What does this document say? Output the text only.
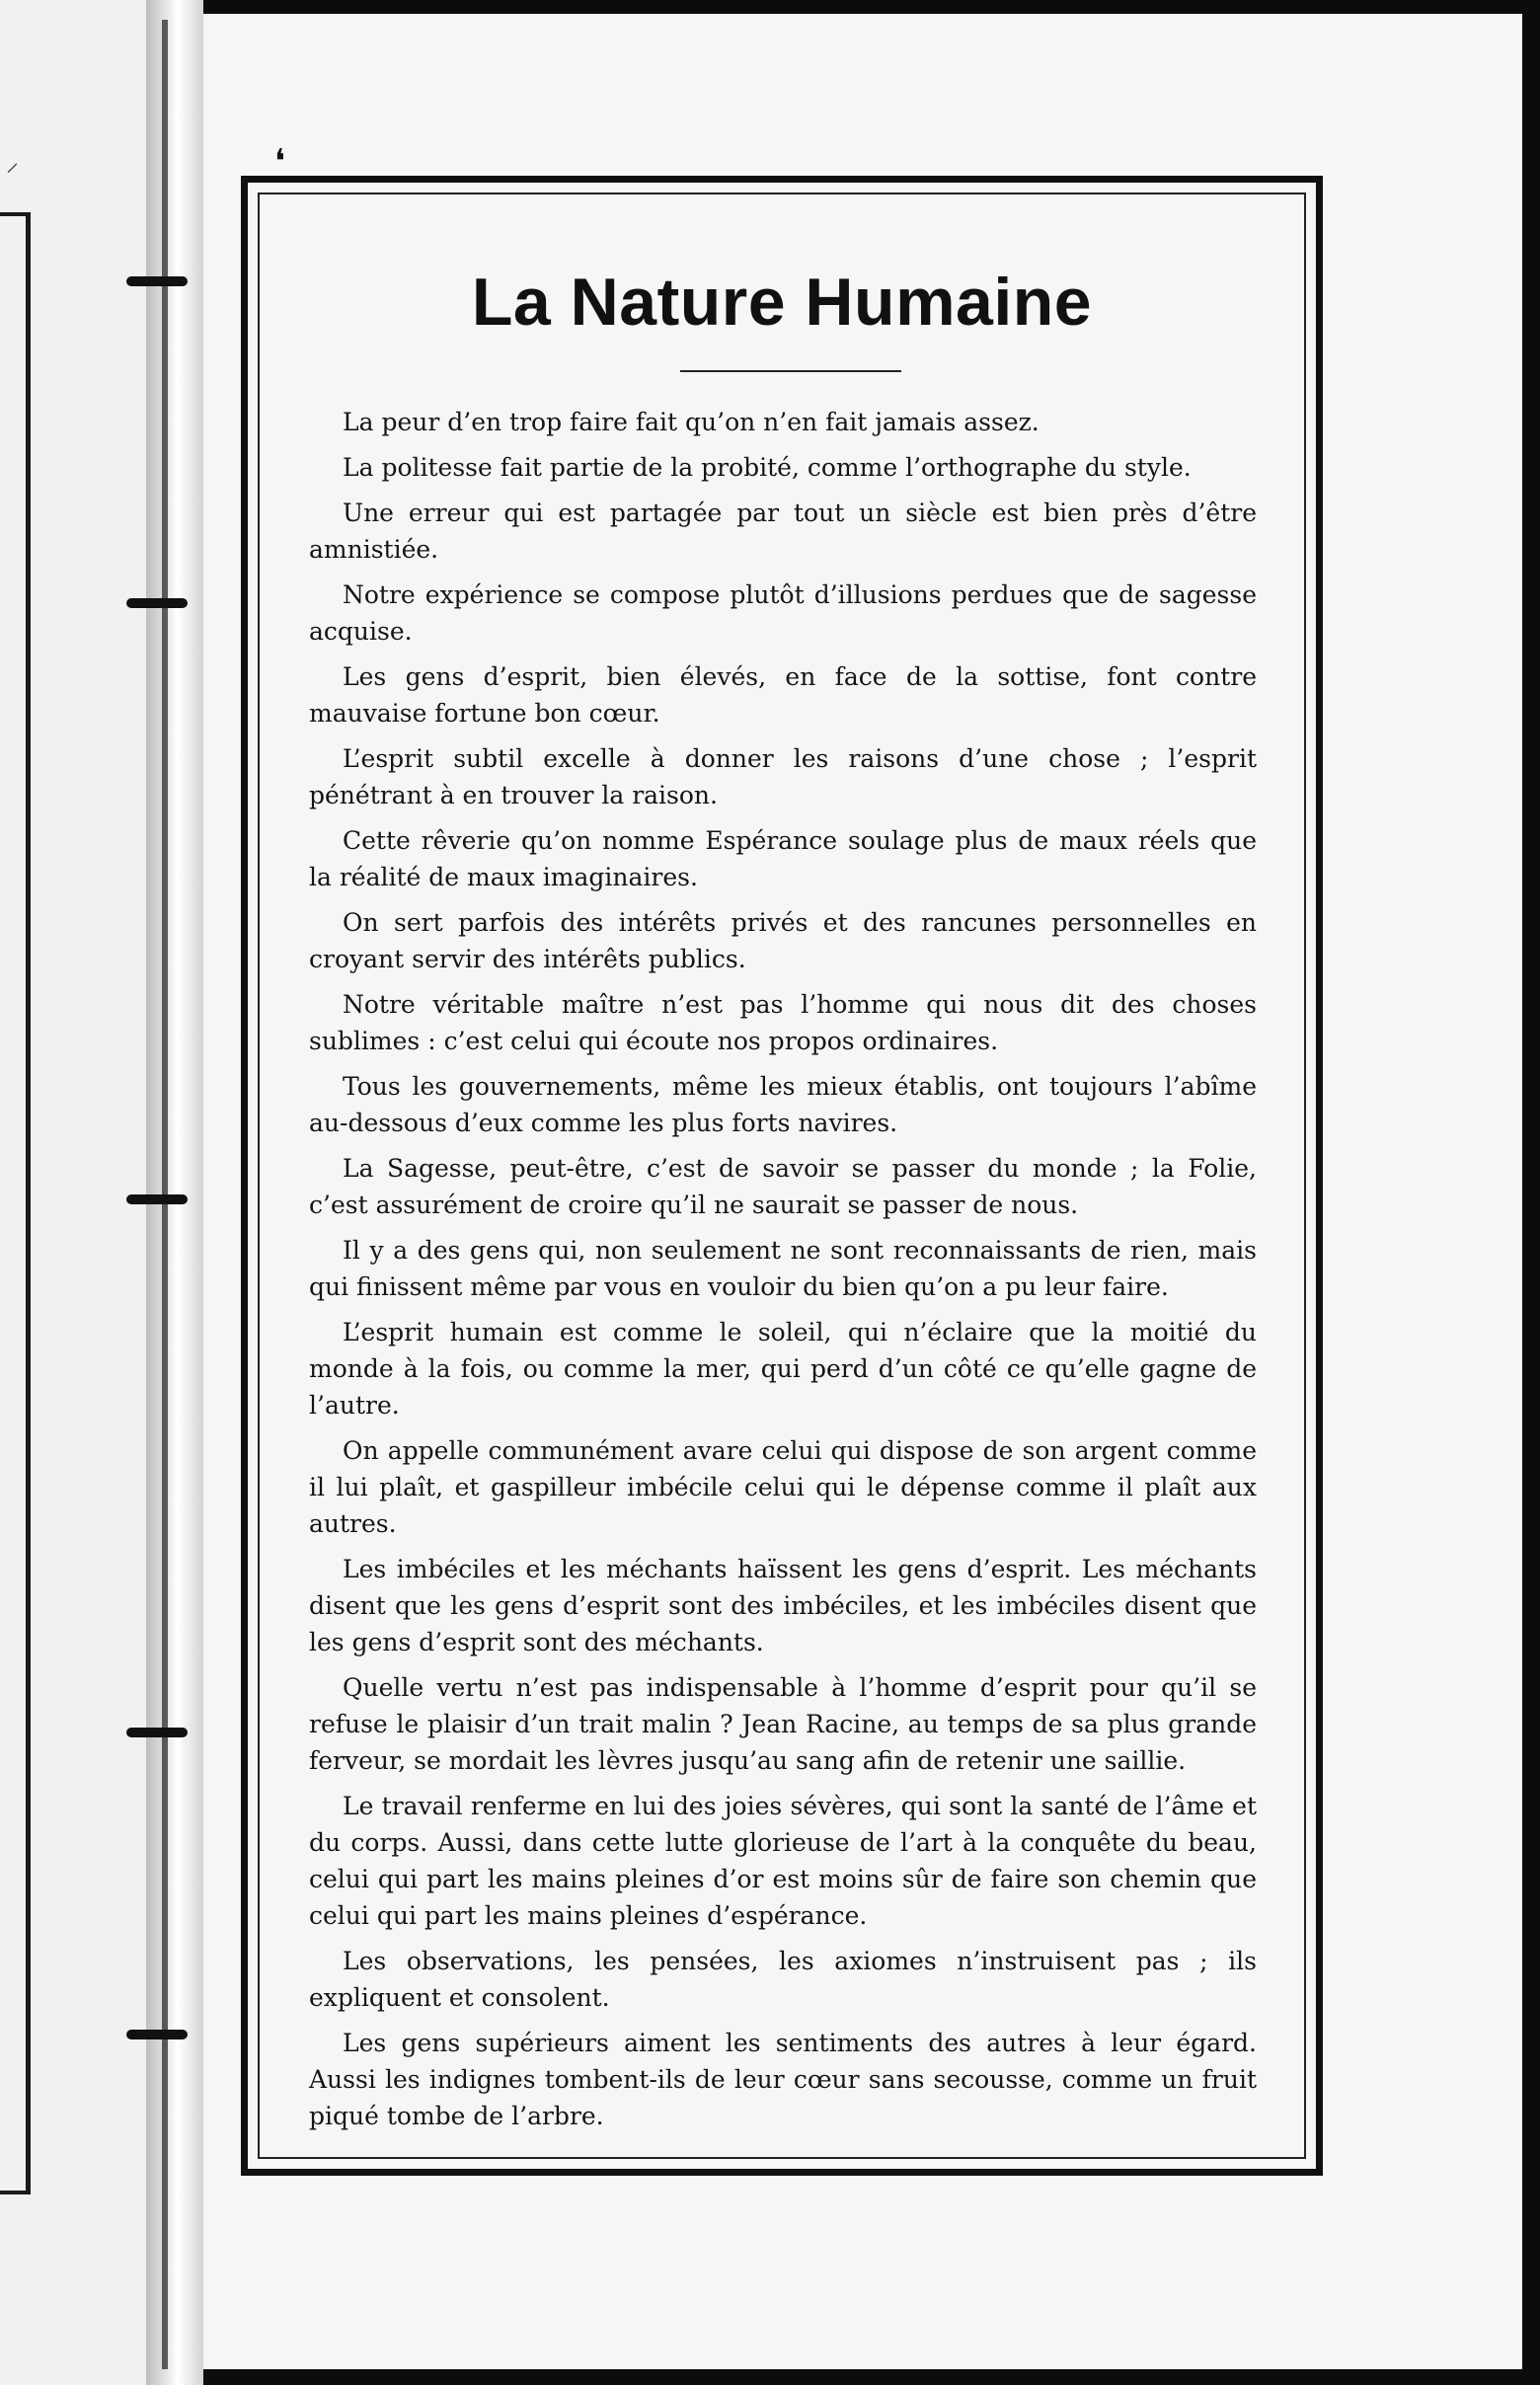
⸝	❛
La Nature Humaine
La peur d’en trop faire fait qu’on n’en fait jamais assez.
La politesse fait partie de la probité, comme l’orthographe du style.
Une erreur qui est partagée par tout un siècle est bien près d’être amnistiée.
Notre expérience se compose plutôt d’illusions perdues que de sagesse acquise.
Les gens d’esprit, bien élevés, en face de la sottise, font contre mauvaise fortune bon cœur.
L’esprit subtil excelle à donner les raisons d’une chose ; l’esprit pénétrant à en trouver la raison.
Cette rêverie qu’on nomme Espérance soulage plus de maux réels que la réalité de maux imaginaires.
On sert parfois des intérêts privés et des rancunes personnelles en croyant servir des intérêts publics.
Notre véritable maître n’est pas l’homme qui nous dit des choses sublimes : c’est celui qui écoute nos propos ordinaires.
Tous les gouvernements, même les mieux établis, ont toujours l’abîme au-dessous d’eux comme les plus forts navires.
La Sagesse, peut-être, c’est de savoir se passer du monde ; la Folie, c’est assurément de croire qu’il ne saurait se passer de nous.
Il y a des gens qui, non seulement ne sont reconnaissants de rien, mais qui finissent même par vous en vouloir du bien qu’on a pu leur faire.
L’esprit humain est comme le soleil, qui n’éclaire que la moitié du monde à la fois, ou comme la mer, qui perd d’un côté ce qu’elle gagne de l’autre.
On appelle communément avare celui qui dispose de son argent comme il lui plaît, et gaspilleur imbécile celui qui le dépense comme il plaît aux autres.
Les imbéciles et les méchants haïssent les gens d’esprit. Les méchants disent que les gens d’esprit sont des imbéciles, et les imbéciles disent que les gens d’esprit sont des méchants.
Quelle vertu n’est pas indispensable à l’homme d’esprit pour qu’il se refuse le plaisir d’un trait malin ? Jean Racine, au temps de sa plus grande ferveur, se mordait les lèvres jusqu’au sang afin de retenir une saillie.
Le travail renferme en lui des joies sévères, qui sont la santé de l’âme et du corps. Aussi, dans cette lutte glorieuse de l’art à la conquête du beau, celui qui part les mains pleines d’or est moins sûr de faire son chemin que celui qui part les mains pleines d’espérance.
Les observations, les pensées, les axiomes n’instruisent pas ; ils expliquent et consolent.
Les gens supérieurs aiment les sentiments des autres à leur égard. Aussi les indignes tombent-ils de leur cœur sans secousse, comme un fruit piqué tombe de l’arbre.
